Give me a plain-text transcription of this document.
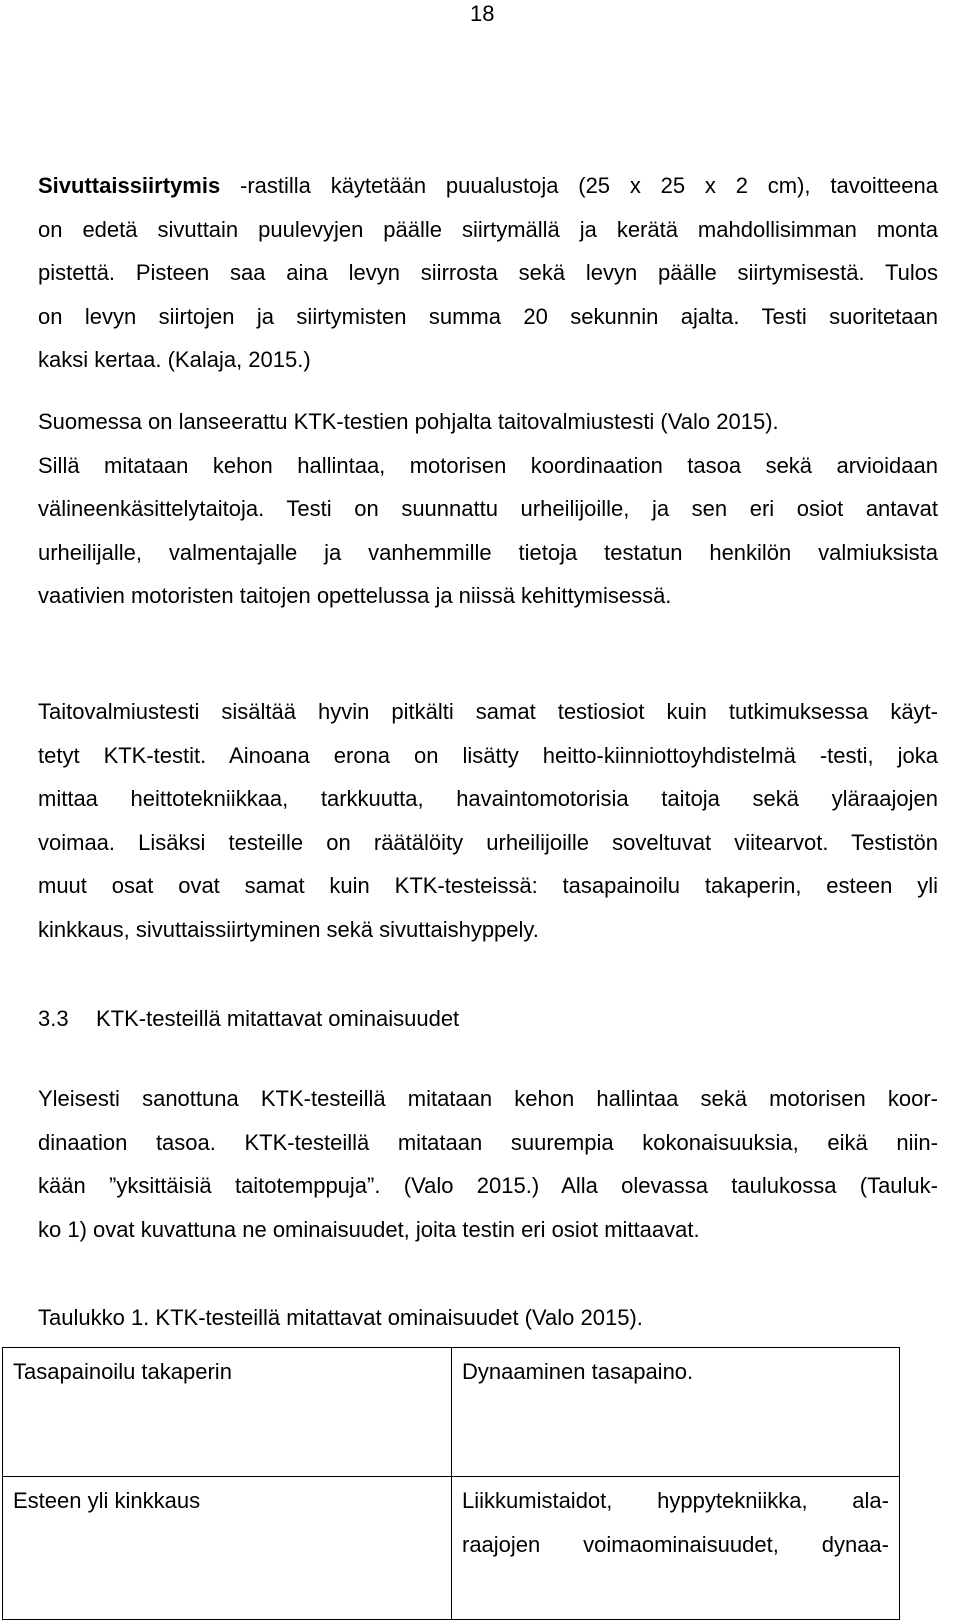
18
Sivuttaissiirtymis -rastilla käytetään puualustoja (25 x 25 x 2 cm), tavoitteena
on edetä sivuttain puulevyjen päälle siirtymällä ja kerätä mahdollisimman monta
pistettä. Pisteen saa aina levyn siirrosta sekä levyn päälle siirtymisestä. Tulos
on levyn siirtojen ja siirtymisten summa 20 sekunnin ajalta. Testi suoritetaan
kaksi kertaa. (Kalaja, 2015.)
Suomessa on lanseerattu KTK-testien pohjalta taitovalmiustesti (Valo 2015).
Sillä mitataan kehon hallintaa, motorisen koordinaation tasoa sekä arvioidaan
välineenkäsittelytaitoja. Testi on suunnattu urheilijoille, ja sen eri osiot antavat
urheilijalle, valmentajalle ja vanhemmille tietoja testatun henkilön valmiuksista
vaativien motoristen taitojen opettelussa ja niissä kehittymisessä.
Taitovalmiustesti sisältää hyvin pitkälti samat testiosiot kuin tutkimuksessa käyt-
tetyt KTK-testit. Ainoana erona on lisätty heitto-kiinniottoyhdistelmä -testi, joka
mittaa heittotekniikkaa, tarkkuutta, havaintomotorisia taitoja sekä yläraajojen
voimaa. Lisäksi testeille on räätälöity urheilijoille soveltuvat viitearvot. Testistön
muut osat ovat samat kuin KTK-testeissä: tasapainoilu takaperin, esteen yli
kinkkaus, sivuttaissiirtyminen sekä sivuttaishyppely.
3.3 KTK-testeillä mitattavat ominaisuudet
Yleisesti sanottuna KTK-testeillä mitataan kehon hallintaa sekä motorisen koor-
dinaation tasoa. KTK-testeillä mitataan suurempia kokonaisuuksia, eikä niin-
kään ”yksittäisiä taitotemppuja”. (Valo 2015.) Alla olevassa taulukossa (Tauluk-
ko 1) ovat kuvattuna ne ominaisuudet, joita testin eri osiot mittaavat.
Taulukko 1. KTK-testeillä mitattavat ominaisuudet (Valo 2015).
Tasapainoilu takaperin	Dynaaminen tasapaino.

Esteen yli kinkkaus	Liikkumistaidot, hyppytekniikka, ala-
raajojen voimaominaisuudet, dynaa-
